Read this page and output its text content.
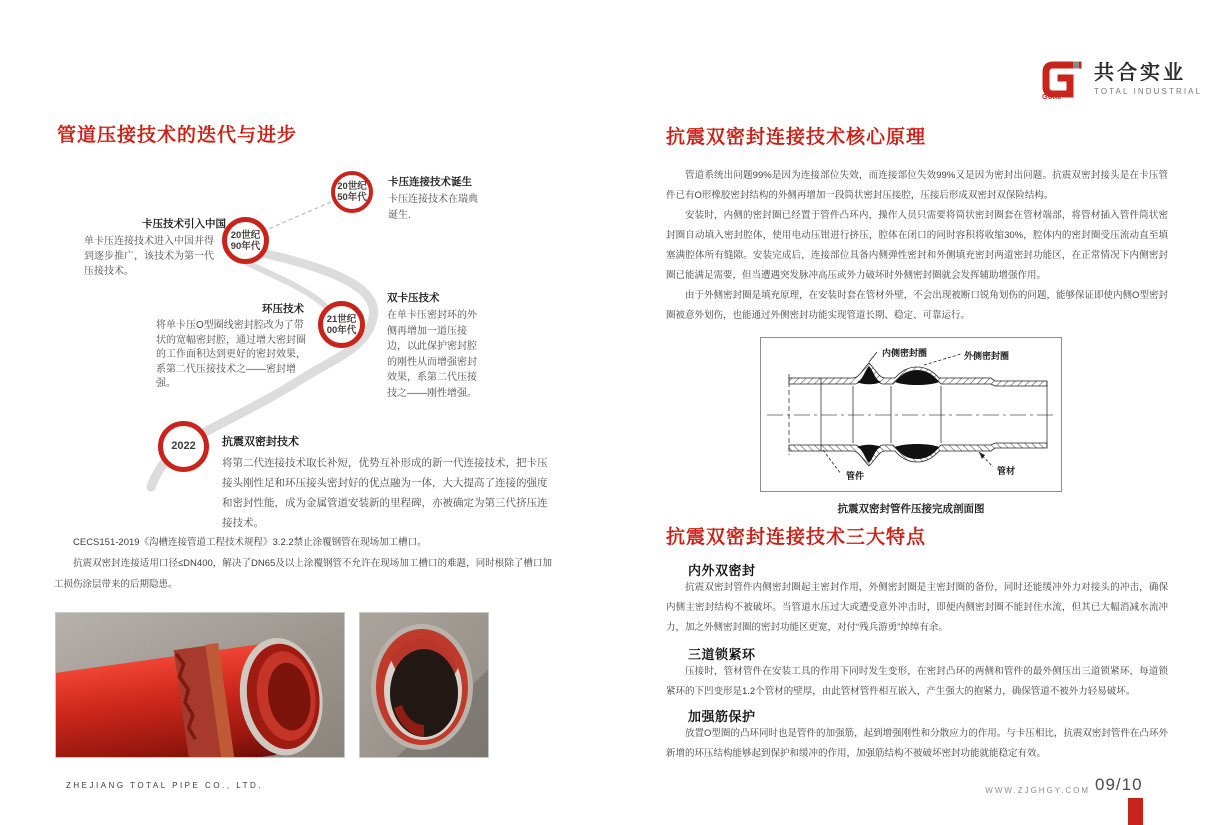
Gohe
共合实业
TOTAL INDUSTRIAL
管道压接技术的迭代与进步
20世纪
50年代
20世纪
90年代
21世纪
00年代
2022
卡压连接技术诞生
卡压连接技术在瑞典诞生.
卡压技术引入中国
单卡压连接技术进入中国并得到逐步推广，该技术为第一代压接技术。
环压技术
将单卡压O型圈线密封腔改为了带状的宽幅密封腔，通过增大密封圈的工作面积达到更好的密封效果，系第二代压接技术之——密封增强。
双卡压技术
在单卡压密封环的外侧再增加一道压接边，以此保护密封腔的刚性从而增强密封效果，系第二代压接技之——刚性增强。
抗震双密封技术
将第二代连接技术取长补短，优势互补形成的新一代连接技术，把卡压接头刚性足和环压接头密封好的优点融为一体，大大提高了连接的强度和密封性能，成为金属管道安装新的里程碑，亦被确定为第三代挤压连接技术。

CECS151-2019《沟槽连接管道工程技术规程》3.2.2禁止涂覆钢管在现场加工槽口。

抗震双密封连接适用口径≤DN400，解决了DN65及以上涂覆钢管不允许在现场加工槽口的难题，同时根除了槽口加工损伤涂层带来的后期隐患。

抗震双密封连接技术核心原理

管道系统出问题99%是因为连接部位失效，而连接部位失效99%又是因为密封出问题。抗震双密封接头是在卡压管件已有O形橡胶密封结构的外侧再增加一段筒状密封压接腔，压接后形成双密封双保险结构。

安装时，内侧的密封圈已经置于管件凸环内，操作人员只需要将筒状密封圈套在管材端部，将管材插入管件筒状密封圈自动填入密封腔体，使用电动压钳进行挤压，腔体在闭口的同时容积将收缩30%，腔体内的密封圈受压流动直至填塞满腔体所有缝隙。安装完成后，连接部位具备内侧弹性密封和外侧填充密封两道密封功能区，在正常情况下内侧密封圈已能满足需要，但当遭遇突发脉冲高压或外力破坏时外侧密封圈就会发挥辅助增强作用。

由于外侧密封圈是填充原理，在安装时套在管材外壁，不会出现被断口锐角划伤的问题，能够保证即使内侧O型密封圈被意外划伤，也能通过外侧密封功能实现管道长期、稳定、可靠运行。

内侧密封圈	外侧密封圈
管件	管材
抗震双密封管件压接完成剖面图
抗震双密封连接技术三大特点
内外双密封

抗震双密封管件内侧密封圈起主密封作用，外侧密封圈是主密封圈的备份，同时还能缓冲外力对接头的冲击，确保内侧主密封结构不被破坏。当管道水压过大或遭受意外冲击时，即便内侧密封圈不能封住水流，但其已大幅消减水流冲力，加之外侧密封圈的密封功能区更宽，对付“残兵游勇”绰绰有余。

三道锁紧环

压接时，管材管件在安装工具的作用下同时发生变形，在密封凸环的两侧和管件的最外侧压出三道锁紧环，每道锁紧环的下凹变形是1.2个管材的壁厚，由此管材管件相互嵌入，产生强大的抱紧力，确保管道不被外力轻易破坏。

加强筋保护

放置O型圈的凸环同时也是管件的加强筋，起到增强刚性和分散应力的作用。与卡压相比，抗震双密封管件在凸环外新增的环压结构能够起到保护和缓冲的作用，加强筋结构不被破坏密封功能就能稳定有效。

ZHEJIANG TOTAL PIPE CO., LTD.
WWW.ZJGHGY.COM 09/10
